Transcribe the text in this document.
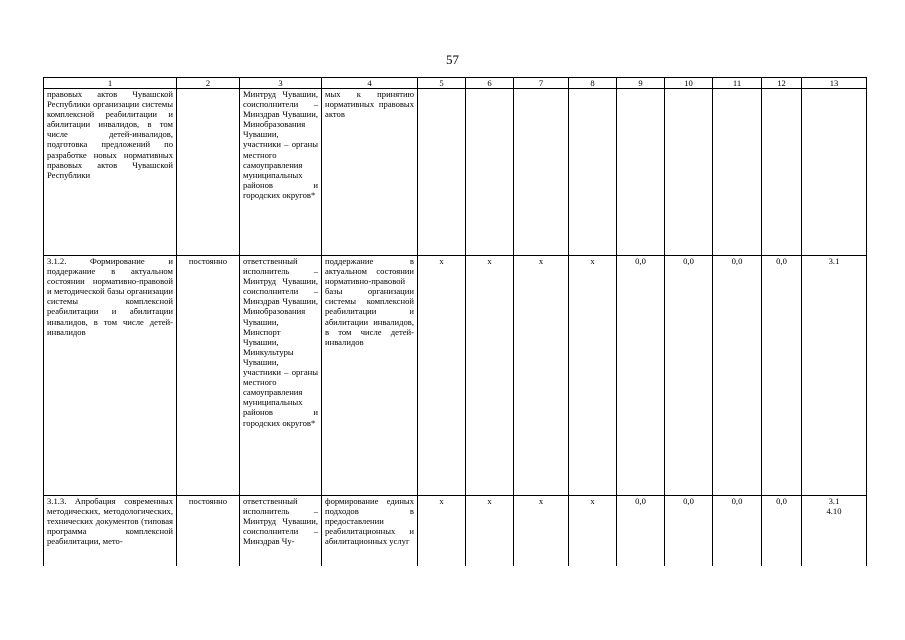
57
1	2	3	4	5	6	7	8	9	10	11	12	13
правовых актов Чувашской Республики организации системы комплексной реабилитации и абилитации инвалидов, в том числе детей-инвалидов, подготовка предложений по разработке новых нормативных правовых актов Чувашской Республики		Минтруд Чувашии, соисполнители – Минздрав Чувашии, Минобразования Чувашии, участники – органы местного самоуправления муниципальных районов и городских округов*	мых к принятию нормативных правовых актов									
3.1.2. Формирование и поддержание в актуальном состоянии нормативно-правовой и методической базы организации системы комплексной реабилитации и абилитации инвалидов, в том числе детей-инвалидов	постоянно	ответственный исполнитель – Минтруд Чувашии, соисполнители – Минздрав Чувашии, Минобразования Чувашии, Минспорт Чувашии, Минкультуры Чувашии, участники – органы местного самоуправления муниципальных районов и городских округов*	поддержание в актуальном состоянии нормативно-правовой базы организации системы комплексной реабилитации и абилитации инвалидов, в том числе детей-инвалидов	x	x	x	x	0,0	0,0	0,0	0,0	3.1
3.1.3. Апробация современных методических, методологических, технических документов (типовая программа комплексной реабилитации, мето-	постоянно	ответственный исполнитель – Минтруд Чувашии, соисполнители – Минздрав Чу-	формирование единых подходов в предоставлении реабилитационных и абилитационных услуг	x	x	x	x	0,0	0,0	0,0	0,0	3.1
4.10
